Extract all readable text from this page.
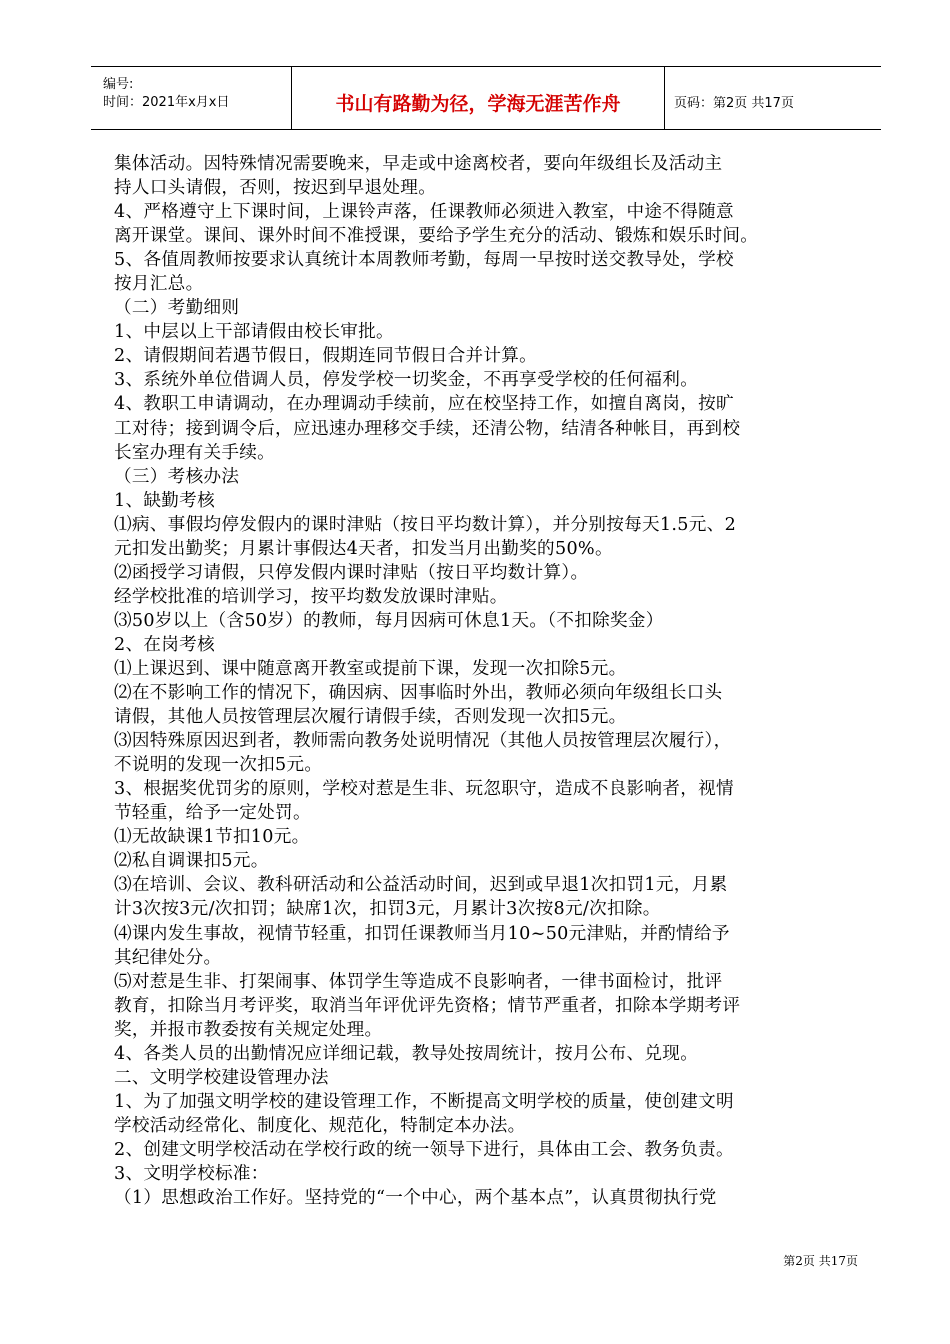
编号:
时间：2021年x月x日	书山有路勤为径，学海无涯苦作舟	页码：第2页 共17页
集体活动。因特殊情况需要晚来，早走或中途离校者，要向年级组长及活动主
持人口头请假，否则，按迟到早退处理。
4、严格遵守上下课时间，上课铃声落，任课教师必须进入教室，中途不得随意
离开课堂。课间、课外时间不准授课，要给予学生充分的活动、锻炼和娱乐时间。
5、各值周教师按要求认真统计本周教师考勤，每周一早按时送交教导处，学校
按月汇总。
（二）考勤细则
1、中层以上干部请假由校长审批。
2、请假期间若遇节假日，假期连同节假日合并计算。
3、系统外单位借调人员，停发学校一切奖金，不再享受学校的任何福利。
4、教职工申请调动，在办理调动手续前，应在校坚持工作，如擅自离岗，按旷
工对待；接到调令后，应迅速办理移交手续，还清公物，结清各种帐目，再到校
长室办理有关手续。
（三）考核办法
1、缺勤考核
⑴病、事假均停发假内的课时津贴（按日平均数计算），并分别按每天1.5元、2
元扣发出勤奖；月累计事假达4天者，扣发当月出勤奖的50%。
⑵函授学习请假，只停发假内课时津贴（按日平均数计算）。
经学校批准的培训学习，按平均数发放课时津贴。
⑶50岁以上（含50岁）的教师，每月因病可休息1天。（不扣除奖金）
2、在岗考核
⑴上课迟到、课中随意离开教室或提前下课，发现一次扣除5元。
⑵在不影响工作的情况下，确因病、因事临时外出，教师必须向年级组长口头
请假，其他人员按管理层次履行请假手续，否则发现一次扣5元。
⑶因特殊原因迟到者，教师需向教务处说明情况（其他人员按管理层次履行），
不说明的发现一次扣5元。
3、根据奖优罚劣的原则，学校对惹是生非、玩忽职守，造成不良影响者，视情
节轻重，给予一定处罚。
⑴无故缺课1节扣10元。
⑵私自调课扣5元。
⑶在培训、会议、教科研活动和公益活动时间，迟到或早退1次扣罚1元，月累
计3次按3元/次扣罚；缺席1次，扣罚3元，月累计3次按8元/次扣除。
⑷课内发生事故，视情节轻重，扣罚任课教师当月10~50元津贴，并酌情给予
其纪律处分。
⑸对惹是生非、打架闹事、体罚学生等造成不良影响者，一律书面检讨，批评
教育，扣除当月考评奖，取消当年评优评先资格；情节严重者，扣除本学期考评
奖，并报市教委按有关规定处理。
4、各类人员的出勤情况应详细记载，教导处按周统计，按月公布、兑现。
二、文明学校建设管理办法
1、为了加强文明学校的建设管理工作，不断提高文明学校的质量，使创建文明
学校活动经常化、制度化、规范化，特制定本办法。
2、创建文明学校活动在学校行政的统一领导下进行，具体由工会、教务负责。
3、文明学校标准：
（1）思想政治工作好。坚持党的“一个中心，两个基本点”，认真贯彻执行党
第2页 共17页
